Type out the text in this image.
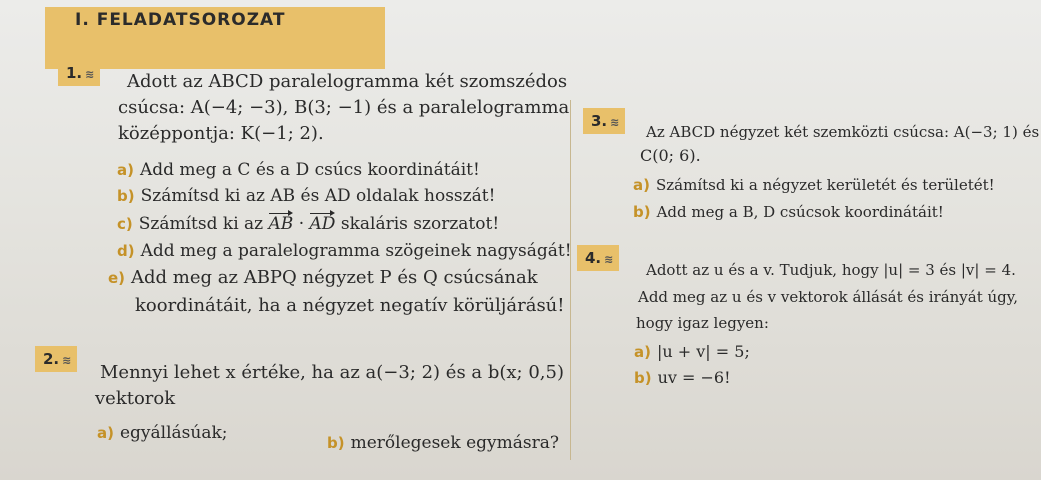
I. FELADATSOROZAT
1. ≋	Adott az ABCD paralelogramma két szomszédos
csúcsa: A(−4; −3), B(3; −1) és a paralelogramma
középpontja: K(−1; 2).
a) Add meg a C és a D csúcs koordinátáit!
b) Számítsd ki az AB és AD oldalak hosszát!
c) Számítsd ki az AB · AD skaláris szorzatot!
d) Add meg a paralelogramma szögeinek nagyságát!
e) Add meg az ABPQ négyzet P és Q csúcsának
koordinátáit, ha a négyzet negatív körüljárású!
2. ≋
Mennyi lehet x értéke, ha az a(−3; 2) és a b(x; 0,5)
vektorok
a) egyállásúak;	b) merőlegesek egymásra?
3. ≋
Az ABCD négyzet két szemközti csúcsa: A(−3; 1) és
C(0; 6).
a) Számítsd ki a négyzet kerületét és területét!
b) Add meg a B, D csúcsok koordinátáit!
4. ≋
Adott az u és a v. Tudjuk, hogy |u| = 3 és |v| = 4.
Add meg az u és v vektorok állását és irányát úgy,
hogy igaz legyen:
a) |u + v| = 5;
b) uv = −6!
